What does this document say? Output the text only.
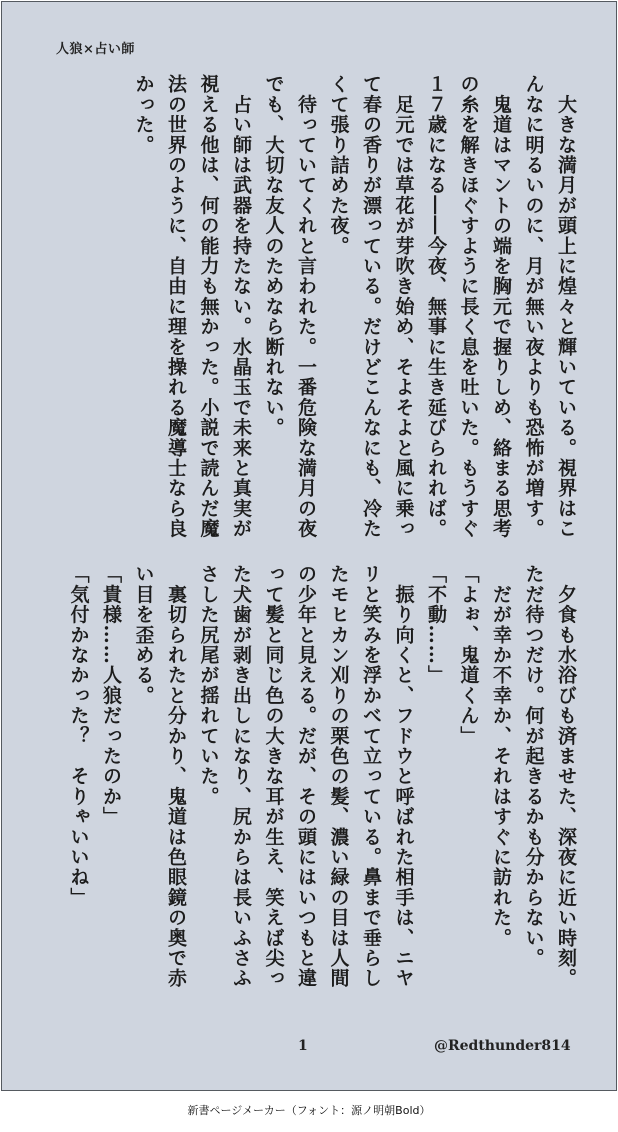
人狼×占い師

　大きな満月が頭上に煌々と輝いている。視界はこんなに明るいのに、月が無い夜よりも恐怖が増す。

　鬼道はマントの端を胸元で握りしめ、絡まる思考の糸を解きほぐすように長く息を吐いた。もうすぐ１７歳になる――今夜、無事に生き延びられれば。

　足元では草花が芽吹き始め、そよそよと風に乗って春の香りが漂っている。だけどこんなにも、冷たくて張り詰めた夜。

　待っていてくれと言われた。一番危険な満月の夜でも、大切な友人のためなら断れない。

　占い師は武器を持たない。水晶玉で未来と真実が視える他は、何の能力も無かった。小説で読んだ魔法の世界のように、自由に理を操れる魔導士なら良かった。

　夕食も水浴びも済ませた、深夜に近い時刻。ただ待つだけ。何が起きるかも分からない。

　だが幸か不幸か、それはすぐに訪れた。

「よぉ、鬼道くん」

「不動……」

　振り向くと、フドウと呼ばれた相手は、ニヤリと笑みを浮かべて立っている。鼻まで垂らしたモヒカン刈りの栗色の髪、濃い緑の目は人間の少年と見える。だが、その頭にはいつもと違って髪と同じ色の大きな耳が生え、笑えば尖った犬歯が剥き出しになり、尻からは長いふさふさした尻尾が揺れていた。

　裏切られたと分かり、鬼道は色眼鏡の奥で赤い目を歪める。

「貴様……人狼だったのか」

「気付かなかった？　そりゃいいね」

1	@Redthunder814
新書ページメーカー（フォント：源ノ明朝Bold）
